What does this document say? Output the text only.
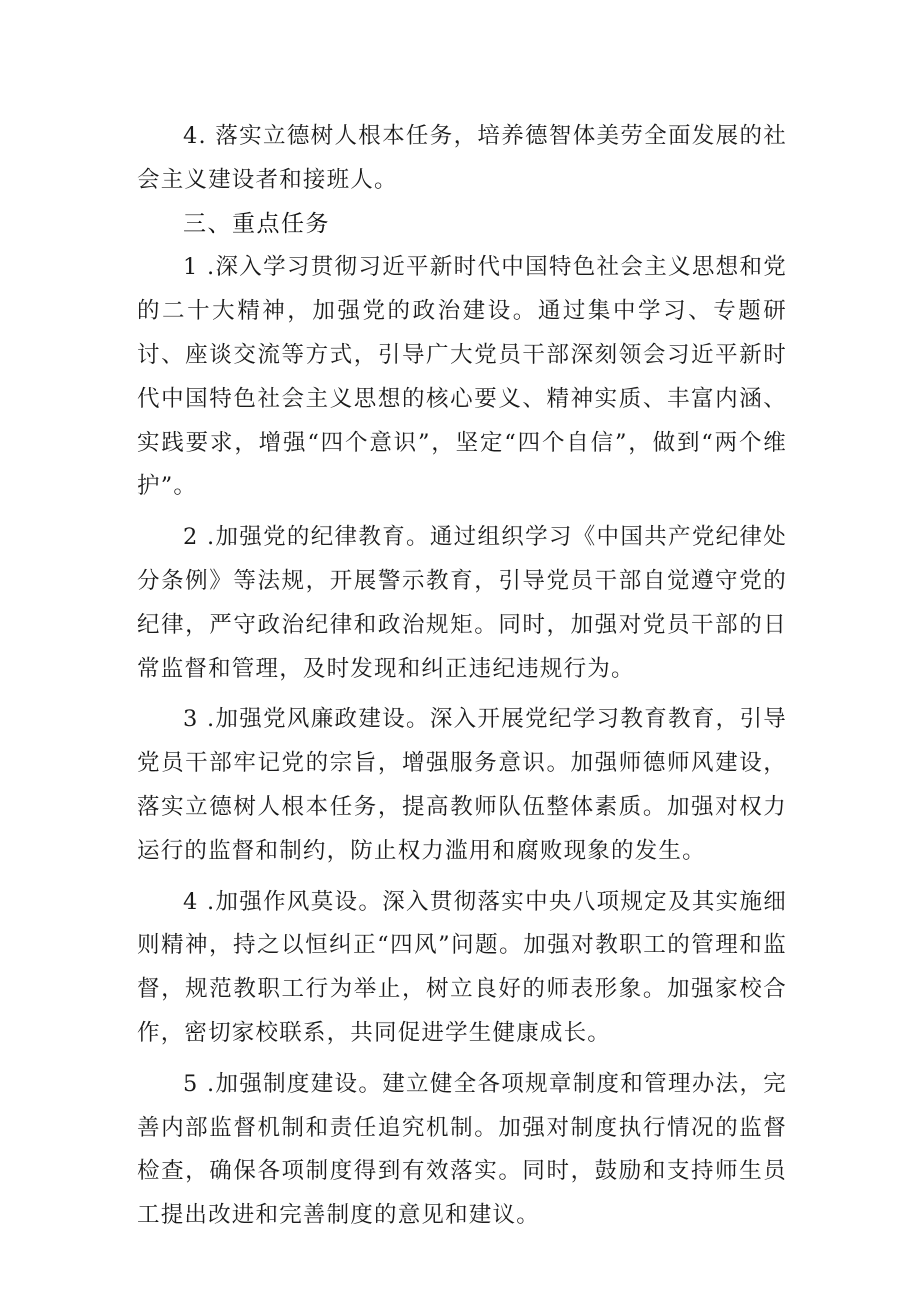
4. 落实立德树人根本任务，培养德智体美劳全面发展的社会主义建设者和接班人。

三、重点任务

1 .深入学习贯彻习近平新时代中国特色社会主义思想和党的二十大精神，加强党的政治建设。通过集中学习、专题研讨、座谈交流等方式，引导广大党员干部深刻领会习近平新时代中国特色社会主义思想的核心要义、精神实质、丰富内涵、实践要求，增强“四个意识”，坚定“四个自信”，做到“两个维护”。

2 .加强党的纪律教育。通过组织学习《中国共产党纪律处分条例》等法规，开展警示教育，引导党员干部自觉遵守党的纪律，严守政治纪律和政治规矩。同时，加强对党员干部的日常监督和管理，及时发现和纠正违纪违规行为。

3 .加强党风廉政建设。深入开展党纪学习教育教育，引导党员干部牢记党的宗旨，增强服务意识。加强师德师风建设，落实立德树人根本任务，提高教师队伍整体素质。加强对权力运行的监督和制约，防止权力滥用和腐败现象的发生。

4 .加强作风莫设。深入贯彻落实中央八项规定及其实施细则精神，持之以恒纠正“四风”问题。加强对教职工的管理和监督，规范教职工行为举止，树立良好的师表形象。加强家校合作，密切家校联系，共同促进学生健康成长。

5 .加强制度建设。建立健全各项规章制度和管理办法，完善内部监督机制和责任追究机制。加强对制度执行情况的监督检查，确保各项制度得到有效落实。同时，鼓励和支持师生员工提出改进和完善制度的意见和建议。
